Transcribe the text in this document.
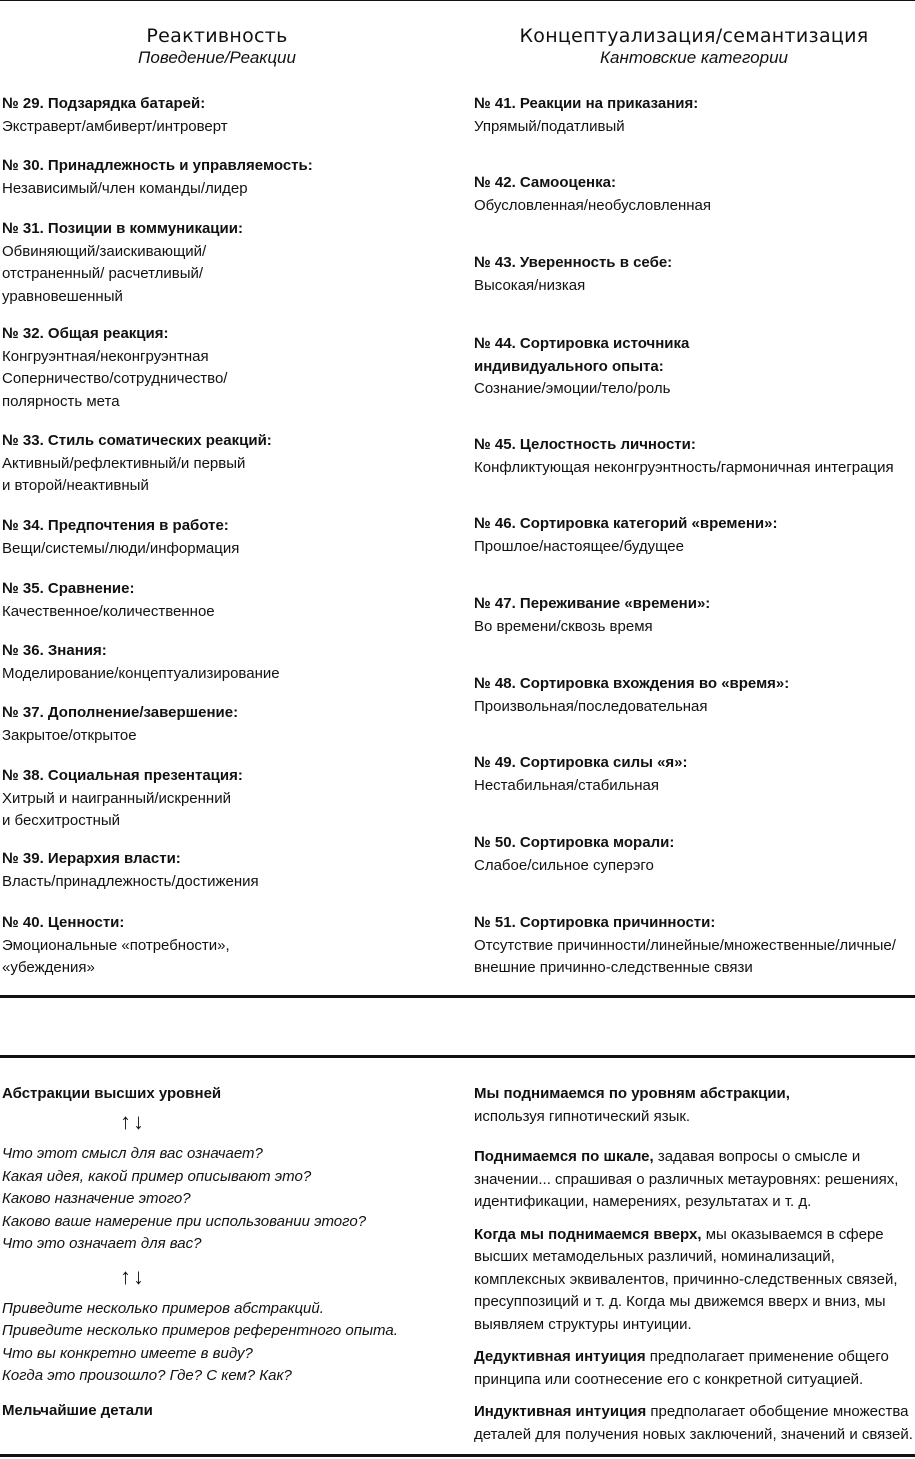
Реактивность
Поведение/Реакции
№ 29. Подзарядка батарей:
Экстраверт/амбиверт/интроверт
№ 30. Принадлежность и управляемость:
Независимый/член команды/лидер
№ 31. Позиции в коммуникации:
Обвиняющий/заискивающий/
отстраненный/ расчетливый/
уравновешенный
№ 32. Общая реакция:
Конгруэнтная/неконгруэнтная
Соперничество/сотрудничество/
полярность мета
№ 33. Стиль соматических реакций:
Активный/рефлективный/и первый
и второй/неактивный
№ 34. Предпочтения в работе:
Вещи/системы/люди/информация
№ 35. Сравнение:
Качественное/количественное
№ 36. Знания:
Моделирование/концептуализирование
№ 37. Дополнение/завершение:
Закрытое/открытое
№ 38. Социальная презентация:
Хитрый и наигранный/искренний
и бесхитростный
№ 39. Иерархия власти:
Власть/принадлежность/достижения
№ 40. Ценности:
Эмоциональные «потребности»,
«убеждения»
Концептуализация/семантизация
Кантовские категории
№ 41. Реакции на приказания:
Упрямый/податливый
№ 42. Самооценка:
Обусловленная/необусловленная
№ 43. Уверенность в себе:
Высокая/низкая
№ 44. Сортировка источника
индивидуального опыта:
Сознание/эмоции/тело/роль
№ 45. Целостность личности:
Конфликтующая неконгруэнтность/гармоничная интеграция
№ 46. Сортировка категорий «времени»:
Прошлое/настоящее/будущее
№ 47. Переживание «времени»:
Во времени/сквозь время
№ 48. Сортировка вхождения во «время»:
Произвольная/последовательная
№ 49. Сортировка силы «я»:
Нестабильная/стабильная
№ 50. Сортировка морали:
Слабое/сильное суперэго
№ 51. Сортировка причинности:
Отсутствие причинности/линейные/множественные/личные/
внешние причинно-следственные связи
Абстракции высших уровней
↑↓
Что этот смысл для вас означает?
Какая идея, какой пример описывают это?
Каково назначение этого?
Каково ваше намерение при использовании этого?
Что это означает для вас?
↑↓
Приведите несколько примеров абстракций.
Приведите несколько примеров референтного опыта.
Что вы конкретно имеете в виду?
Когда это произошло? Где? С кем? Как?
Мельчайшие детали

Мы поднимаемся по уровням абстракции,
используя гипнотический язык.

Поднимаемся по шкале, задавая вопросы о смысле и значении... спрашивая о различных метауровнях: решениях, идентификации, намерениях, результатах и т. д.

Когда мы поднимаемся вверх, мы оказываемся в сфере высших метамодельных различий, номинализаций, комплексных эквивалентов, причинно-следственных связей, пресуппозиций и т. д. Когда мы движемся вверх и вниз, мы выявляем структуры интуиции.

Дедуктивная интуиция предполагает применение общего принципа или соотнесение его с конкретной ситуацией.

Индуктивная интуиция предполагает обобщение множества деталей для получения новых заключений, значений и связей.
